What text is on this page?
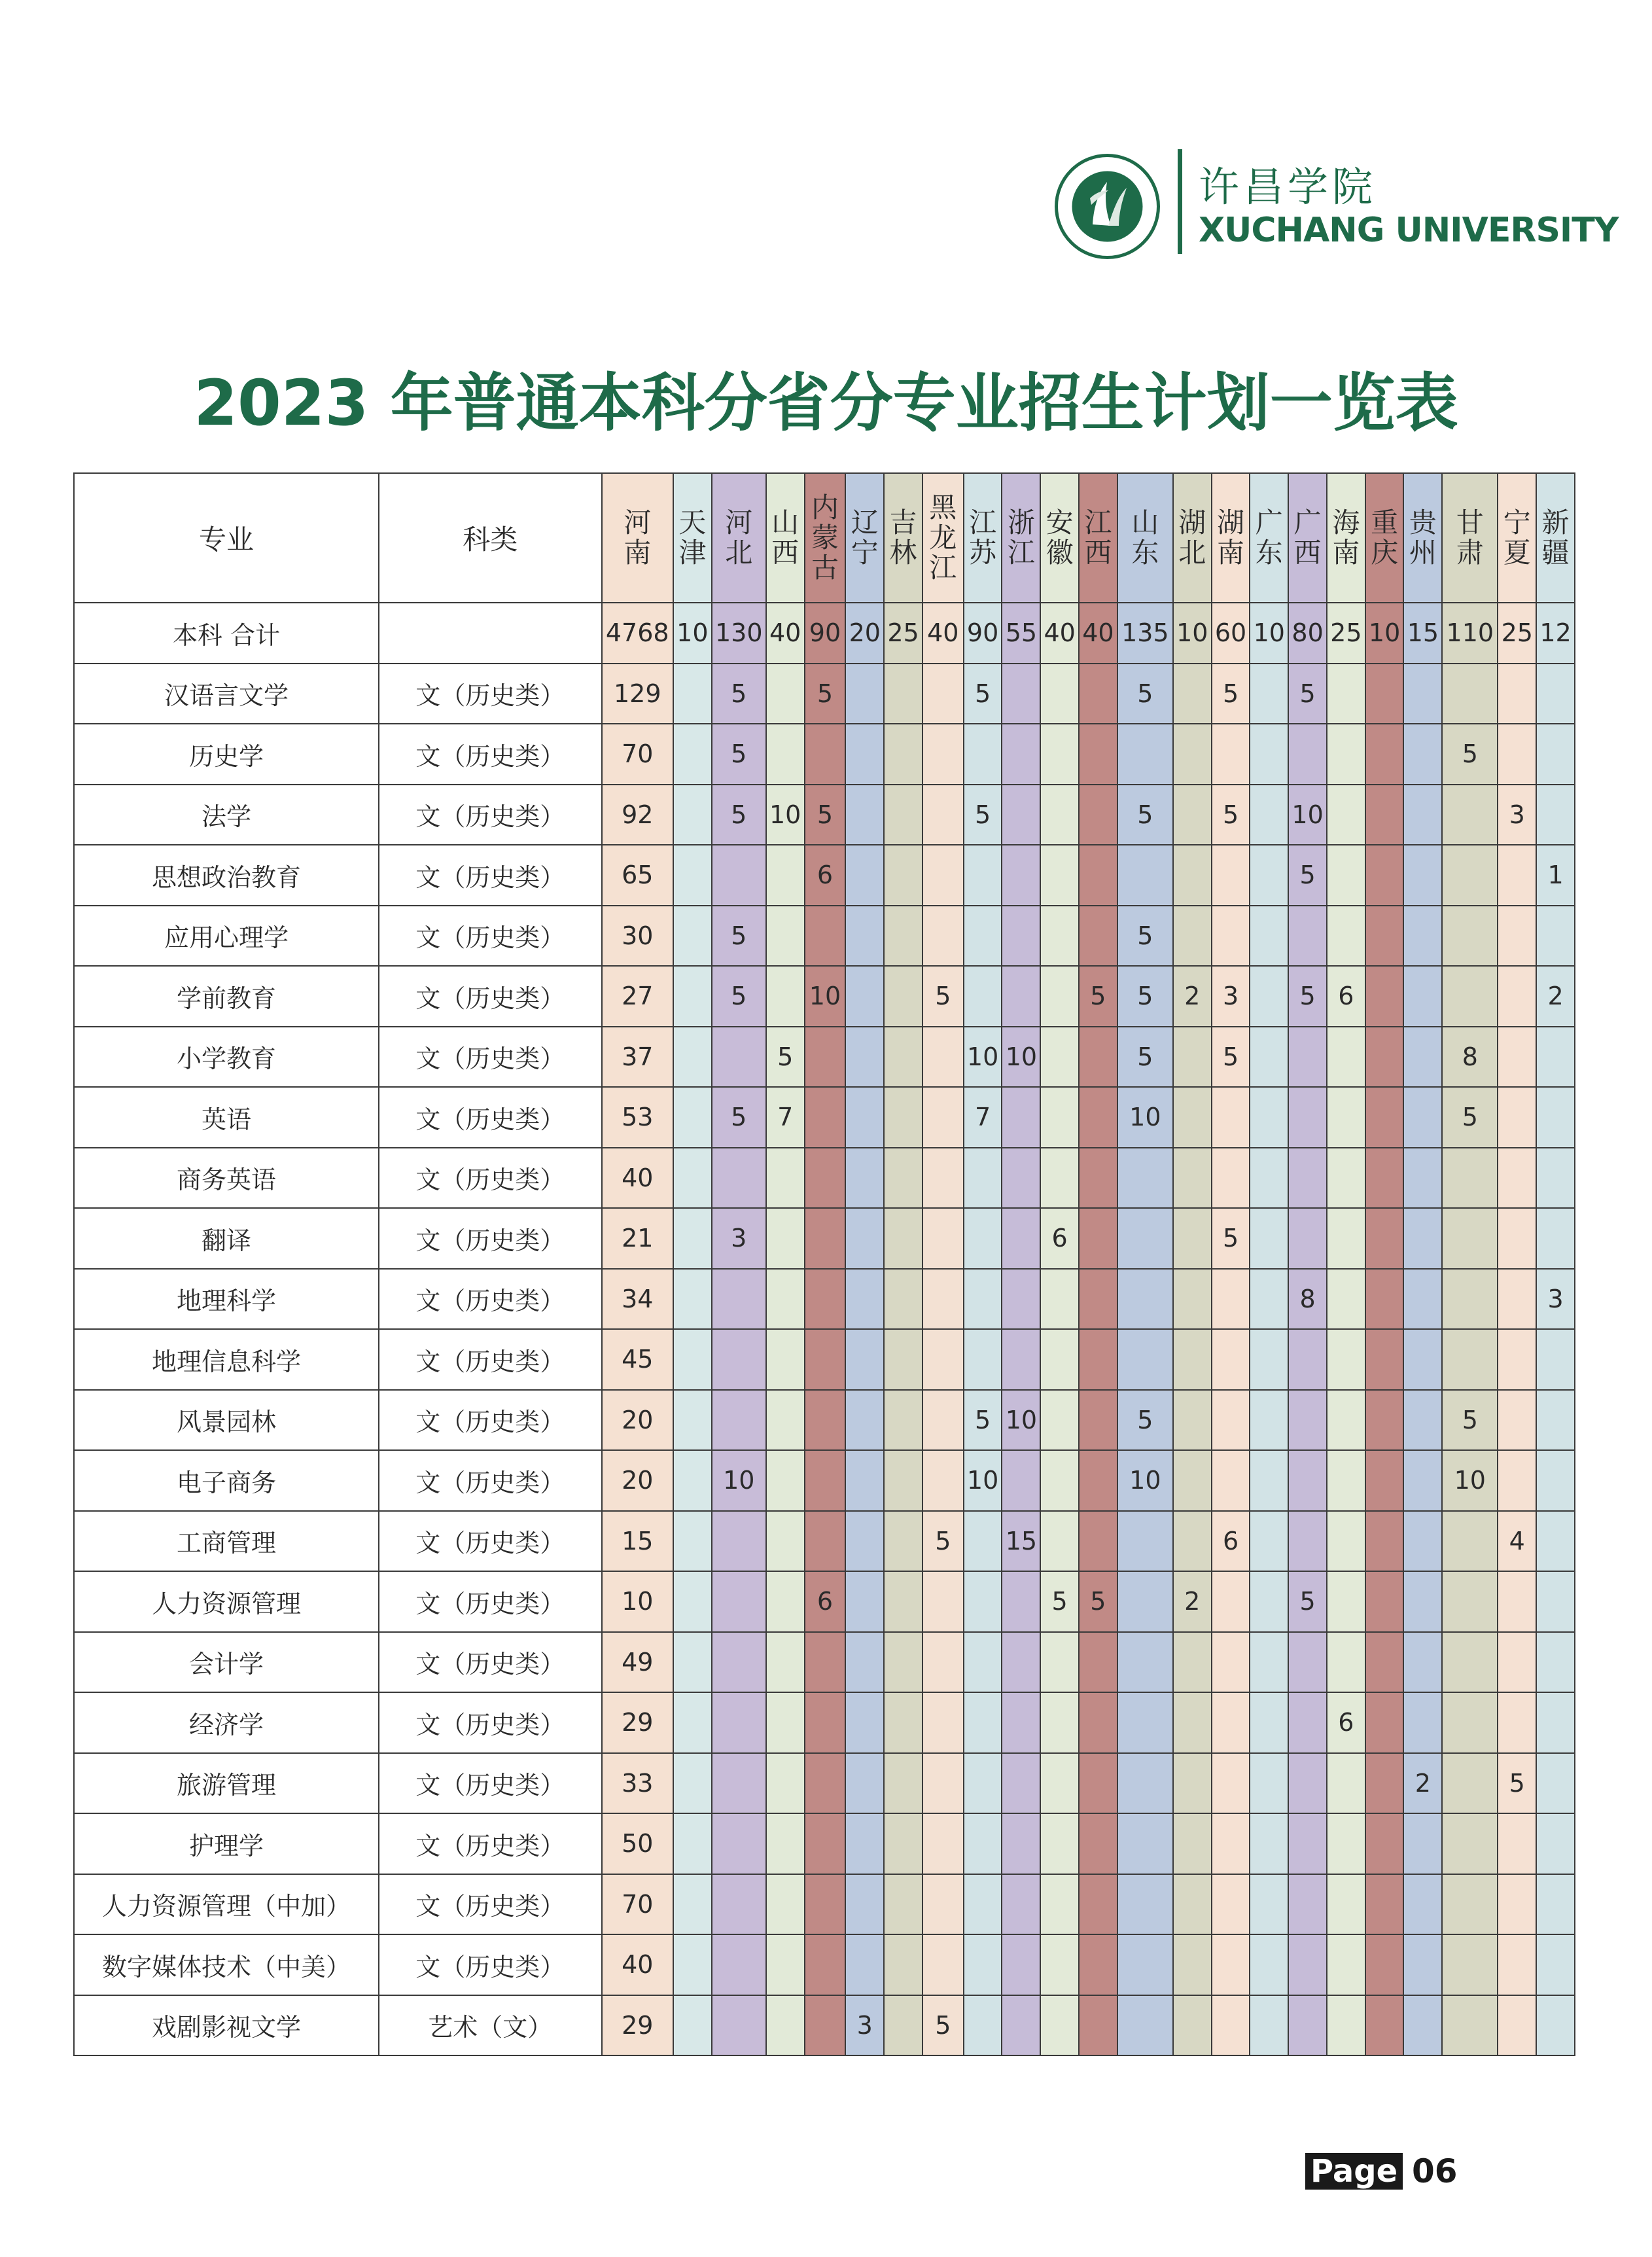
许昌学院
XUCHANG UNIVERSITY
2023 年普通本科分省分专业招生计划一览表
专业	科类	河南	天津	河北	山西	内蒙古	辽宁	吉林	黑龙江	江苏	浙江	安徽	江西	山东	湖北	湖南	广东	广西	海南	重庆	贵州	甘肃	宁夏	新疆
本科 合计		4768	10	130	40	90	20	25	40	90	55	40	40	135	10	60	10	80	25	10	15	110	25	12
汉语言文学	文（历史类）	129		5		5				5				5		5		5						
历史学	文（历史类）	70		5																		5		
法学	文（历史类）	92		5	10	5				5				5		5		10					3	
思想政治教育	文（历史类）	65				6												5						1
应用心理学	文（历史类）	30		5										5										
学前教育	文（历史类）	27		5		10			5				5	5	2	3		5	6					2
小学教育	文（历史类）	37			5					10	10			5		5						8		
英语	文（历史类）	53		5	7					7				10								5		
商务英语	文（历史类）	40																						
翻译	文（历史类）	21		3								6				5								
地理科学	文（历史类）	34																8						3
地理信息科学	文（历史类）	45																						
风景园林	文（历史类）	20								5	10			5								5		
电子商务	文（历史类）	20		10						10				10								10		
工商管理	文（历史类）	15							5		15					6							4	
人力资源管理	文（历史类）	10				6						5	5		2			5						
会计学	文（历史类）	49																						
经济学	文（历史类）	29																	6					
旅游管理	文（历史类）	33																			2		5	
护理学	文（历史类）	50																						
人力资源管理（中加）	文（历史类）	70																						
数字媒体技术（中美）	文（历史类）	40																						
戏剧影视文学	艺术（文）	29					3		5															
Page 06
